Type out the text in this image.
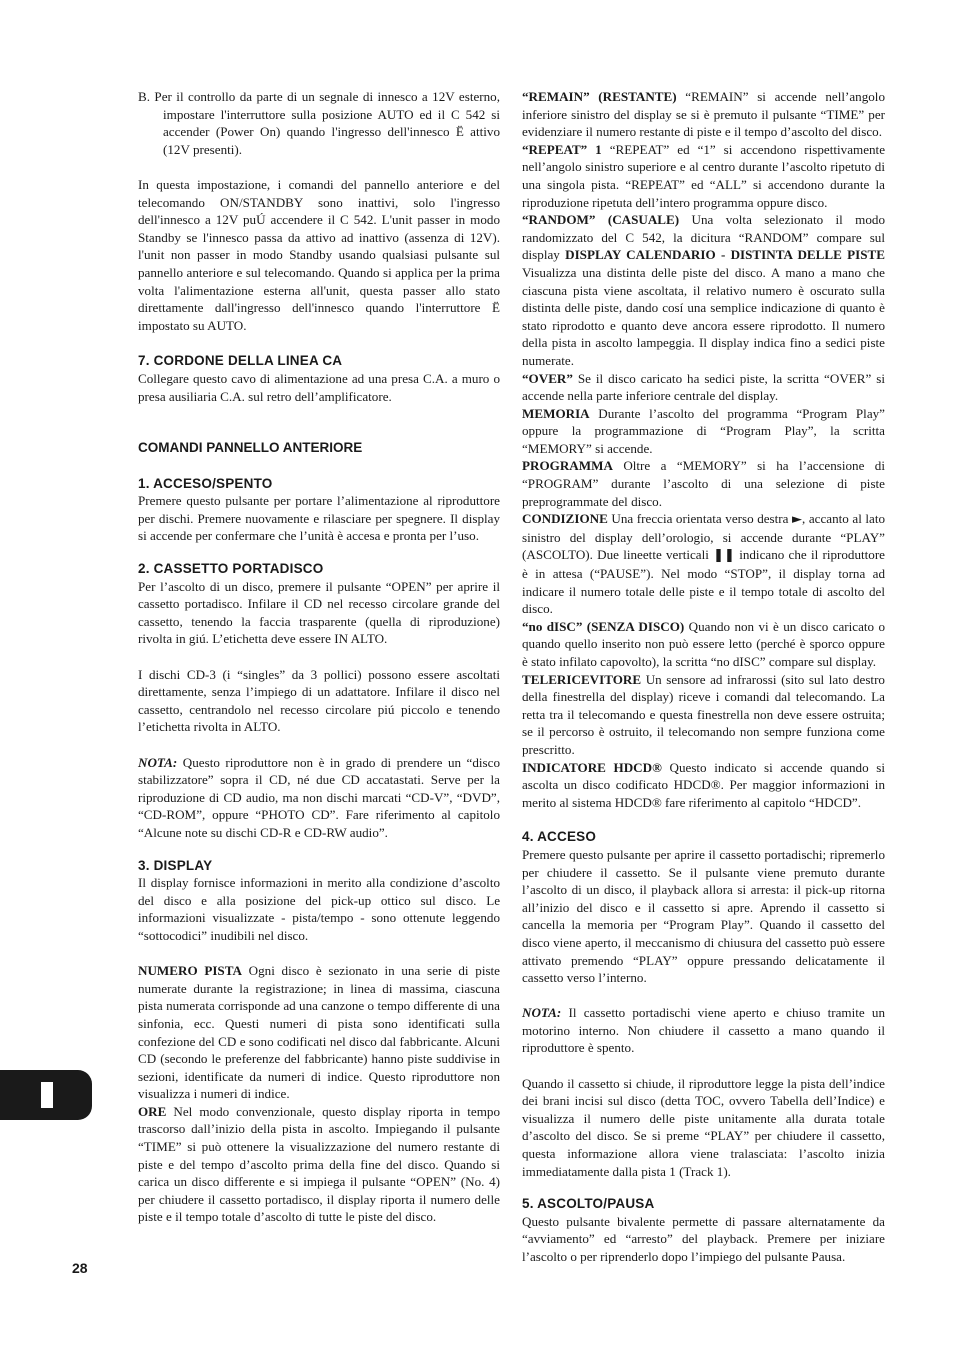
B. Per il controllo da parte di un segnale di innesco a 12V esterno, impostare l'interruttore sulla posizione AUTO ed il C 542 si accender (Power On) quando l'ingresso dell'innesco Ë attivo (12V presenti).

In questa impostazione, i comandi del pannello anteriore e del telecomando ON/STANDBY sono inattivi, solo l'ingresso dell'innesco a 12V puÚ accendere il C 542. L'unit passer in modo Standby se l'innesco passa da attivo ad inattivo (assenza di 12V). l'unit non passer in modo Standby usando qualsiasi pulsante sul pannello anteriore e sul telecomando. Quando si applica per la prima volta l'alimentazione esterna all'unit, questa passer allo stato direttamente dall'ingresso dell'innesco quando l'interruttore Ë impostato su AUTO.

7. CORDONE DELLA LINEA CA

Collegare questo cavo di alimentazione ad una presa C.A. a muro o presa ausiliaria C.A. sul retro dell’amplificatore.

COMANDI PANNELLO ANTERIORE
1. ACCESO/SPENTO

Premere questo pulsante per portare l’alimentazione al riproduttore per dischi. Premere nuovamente e rilasciare per spegnere. Il display si accende per confermare che l’unità è accesa e pronta per l’uso.

2. CASSETTO PORTADISCO

Per l’ascolto di un disco, premere il pulsante “OPEN” per aprire il cassetto portadisco. Infilare il CD nel recesso circolare grande del cassetto, tenendo la faccia trasparente (quella di riproduzione) rivolta in giú. L’etichetta deve essere IN ALTO.

I dischi CD-3 (i “singles” da 3 pollici) possono essere ascoltati direttamente, senza l’impiego di un adattatore. Infilare il disco nel cassetto, centrandolo nel recesso circolare piú piccolo e tenendo l’etichetta rivolta in ALTO.

NOTA: Questo riproduttore non è in grado di prendere un “disco stabilizzatore” sopra il CD, né due CD accatastati. Serve per la riproduzione di CD audio, ma non dischi marcati “CD-V”, “DVD”, “CD-ROM”, oppure “PHOTO CD”. Fare riferimento al capitolo “Alcune note su dischi CD-R e CD-RW audio”.

3. DISPLAY

Il display fornisce informazioni in merito alla condizione d’ascolto del disco e alla posizione del pick-up ottico sul disco. Le informazioni visualizzate - pista/tempo - sono ottenute leggendo “sottocodici” inudibili nel disco.

NUMERO PISTA Ogni disco è sezionato in una serie di piste numerate durante la registrazione; in linea di massima, ciascuna pista numerata corrisponde ad una canzone o tempo differente di una sinfonia, ecc. Questi numeri di pista sono identificati sulla confezione del CD e sono codificati nel disco dal fabbricante. Alcuni CD (secondo le preferenze del fabbricante) hanno piste suddivise in sezioni, identificate da numeri di indice. Questo riproduttore non visualizza i numeri di indice.

ORE Nel modo convenzionale, questo display riporta in tempo trascorso dall’inizio della pista in ascolto. Impiegando il pulsante “TIME” si può ottenere la visualizzazione del numero restante di piste e del tempo d’ascolto prima della fine del disco. Quando si carica un disco differente e si impiega il pulsante “OPEN” (No. 4) per chiudere il cassetto portadisco, il display riporta il numero delle piste e il tempo totale d’ascolto di tutte le piste del disco.

“REMAIN” (RESTANTE) “REMAIN” si accende nell’angolo inferiore sinistro del display se si è premuto il pulsante “TIME” per evidenziare il numero restante di piste e il tempo d’ascolto del disco.

“REPEAT” 1 “REPEAT” ed “1” si accendono rispettivamente nell’angolo sinistro superiore e al centro durante l’ascolto ripetuto di una singola pista. “REPEAT” ed “ALL” si accendono durante la riproduzione ripetuta dell’intero programma oppure disco.

“RANDOM” (CASUALE) Una volta selezionato il modo randomizzato del C 542, la dicitura “RANDOM” compare sul display DISPLAY CALENDARIO - DISTINTA DELLE PISTE Visualizza una distinta delle piste del disco. A mano a mano che ciascuna pista viene ascoltata, il relativo numero è oscurato sulla distinta delle piste, dando cosí una semplice indicazione di quanto è stato riprodotto e quanto deve ancora essere riprodotto. Il numero della pista in ascolto lampeggia. Il display indica fino a sedici piste numerate.

“OVER” Se il disco caricato ha sedici piste, la scritta “OVER” si accende nella parte inferiore centrale del display.

MEMORIA Durante l’ascolto del programma “Program Play” oppure la programmazione di “Program Play”, la scritta “MEMORY” si accende.

PROGRAMMA Oltre a “MEMORY” si ha l’accensione di “PROGRAM” durante l’ascolto di una selezione di piste preprogrammate del disco.

CONDIZIONE Una freccia orientata verso destra ►, accanto al lato sinistro del display dell’orologio, si accende durante “PLAY” (ASCOLTO). Due lineette verticali ❚❚ indicano che il riproduttore è in attesa (“PAUSE”). Nel modo “STOP”, il display torna ad indicare il numero totale delle piste e il tempo totale di ascolto del disco.

“no dISC” (SENZA DISCO) Quando non vi è un disco caricato o quando quello inserito non può essere letto (perché è sporco oppure è stato infilato capovolto), la scritta “no dISC” compare sul display.

TELERICEVITORE Un sensore ad infrarossi (sito sul lato destro della finestrella del display) riceve i comandi dal telecomando. La retta tra il telecomando e questa finestrella non deve essere ostruita; se il percorso è ostruito, il telecomando non sempre funziona come prescritto.

INDICATORE HDCD® Questo indicato si accende quando si ascolta un disco codificato HDCD®. Per maggior informazioni in merito al sistema HDCD® fare riferimento al capitolo “HDCD”.

4. ACCESO

Premere questo pulsante per aprire il cassetto portadischi; ripremerlo per chiudere il cassetto. Se il pulsante viene premuto durante l’ascolto di un disco, il playback allora si arresta: il pick-up ritorna all’inizio del disco e il cassetto si apre. Aprendo il cassetto si cancella la memoria per “Program Play”. Quando il cassetto del disco viene aperto, il meccanismo di chiusura del cassetto può essere attivato premendo “PLAY” oppure pressando delicatamente il cassetto verso l’interno.

NOTA: Il cassetto portadischi viene aperto e chiuso tramite un motorino interno. Non chiudere il cassetto a mano quando il riproduttore è spento.

Quando il cassetto si chiude, il riproduttore legge la pista dell’indice dei brani incisi sul disco (detta TOC, ovvero Tabella dell’Indice) e visualizza il numero delle piste unitamente alla durata totale d’ascolto del disco. Se si preme “PLAY” per chiudere il cassetto, questa informazione allora viene tralasciata: l’ascolto inizia immediatamente dalla pista 1 (Track 1).

5. ASCOLTO/PAUSA

Questo pulsante bivalente permette di passare alternatamente da “avviamento” ed “arresto” del playback. Premere per iniziare l’ascolto o per riprenderlo dopo l’impiego del pulsante Pausa.

28
